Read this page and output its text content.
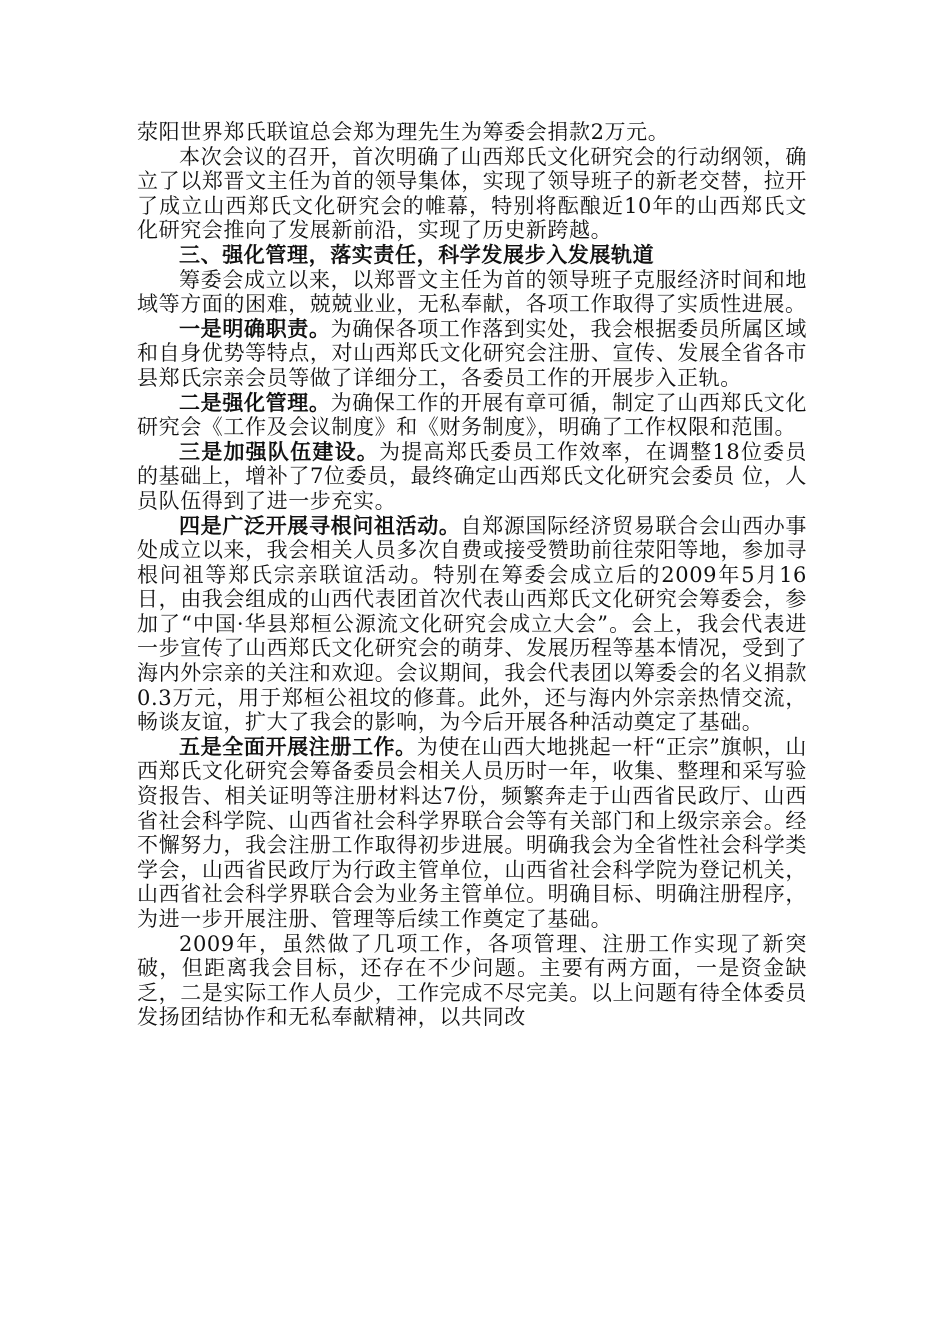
荥阳世界郑氏联谊总会郑为理先生为筹委会捐款2万元。

本次会议的召开，首次明确了山西郑氏文化研究会的行动纲领，确立了以郑晋文主任为首的领导集体，实现了领导班子的新老交替，拉开了成立山西郑氏文化研究会的帷幕，特别将酝酿近10年的山西郑氏文化研究会推向了发展新前沿，实现了历史新跨越。

三、强化管理，落实责任，科学发展步入发展轨道

筹委会成立以来，以郑晋文主任为首的领导班子克服经济时间和地域等方面的困难，兢兢业业，无私奉献，各项工作取得了实质性进展。

一是明确职责。为确保各项工作落到实处，我会根据委员所属区域和自身优势等特点，对山西郑氏文化研究会注册、宣传、发展全省各市县郑氏宗亲会员等做了详细分工，各委员工作的开展步入正轨。

二是强化管理。为确保工作的开展有章可循，制定了山西郑氏文化研究会《工作及会议制度》和《财务制度》，明确了工作权限和范围。

三是加强队伍建设。为提高郑氏委员工作效率，在调整18位委员的基础上，增补了7位委员，最终确定山西郑氏文化研究会委员 位，人员队伍得到了进一步充实。

四是广泛开展寻根问祖活动。自郑源国际经济贸易联合会山西办事处成立以来，我会相关人员多次自费或接受赞助前往荥阳等地，参加寻根问祖等郑氏宗亲联谊活动。特别在筹委会成立后的2009年5月16日，由我会组成的山西代表团首次代表山西郑氏文化研究会筹委会，参加了“中国·华县郑桓公源流文化研究会成立大会”。会上，我会代表进一步宣传了山西郑氏文化研究会的萌芽、发展历程等基本情况，受到了海内外宗亲的关注和欢迎。会议期间，我会代表团以筹委会的名义捐款0.3万元，用于郑桓公祖坟的修葺。此外，还与海内外宗亲热情交流，畅谈友谊，扩大了我会的影响，为今后开展各种活动奠定了基础。

五是全面开展注册工作。为使在山西大地挑起一杆“正宗”旗帜，山西郑氏文化研究会筹备委员会相关人员历时一年，收集、整理和采写验资报告、相关证明等注册材料达7份，频繁奔走于山西省民政厅、山西省社会科学院、山西省社会科学界联合会等有关部门和上级宗亲会。经不懈努力，我会注册工作取得初步进展。明确我会为全省性社会科学类学会，山西省民政厅为行政主管单位，山西省社会科学院为登记机关，山西省社会科学界联合会为业务主管单位。明确目标、明确注册程序，为进一步开展注册、管理等后续工作奠定了基础。

2009年，虽然做了几项工作，各项管理、注册工作实现了新突破，但距离我会目标，还存在不少问题。主要有两方面，一是资金缺乏，二是实际工作人员少，工作完成不尽完美。以上问题有待全体委员发扬团结协作和无私奉献精神，以共同改
